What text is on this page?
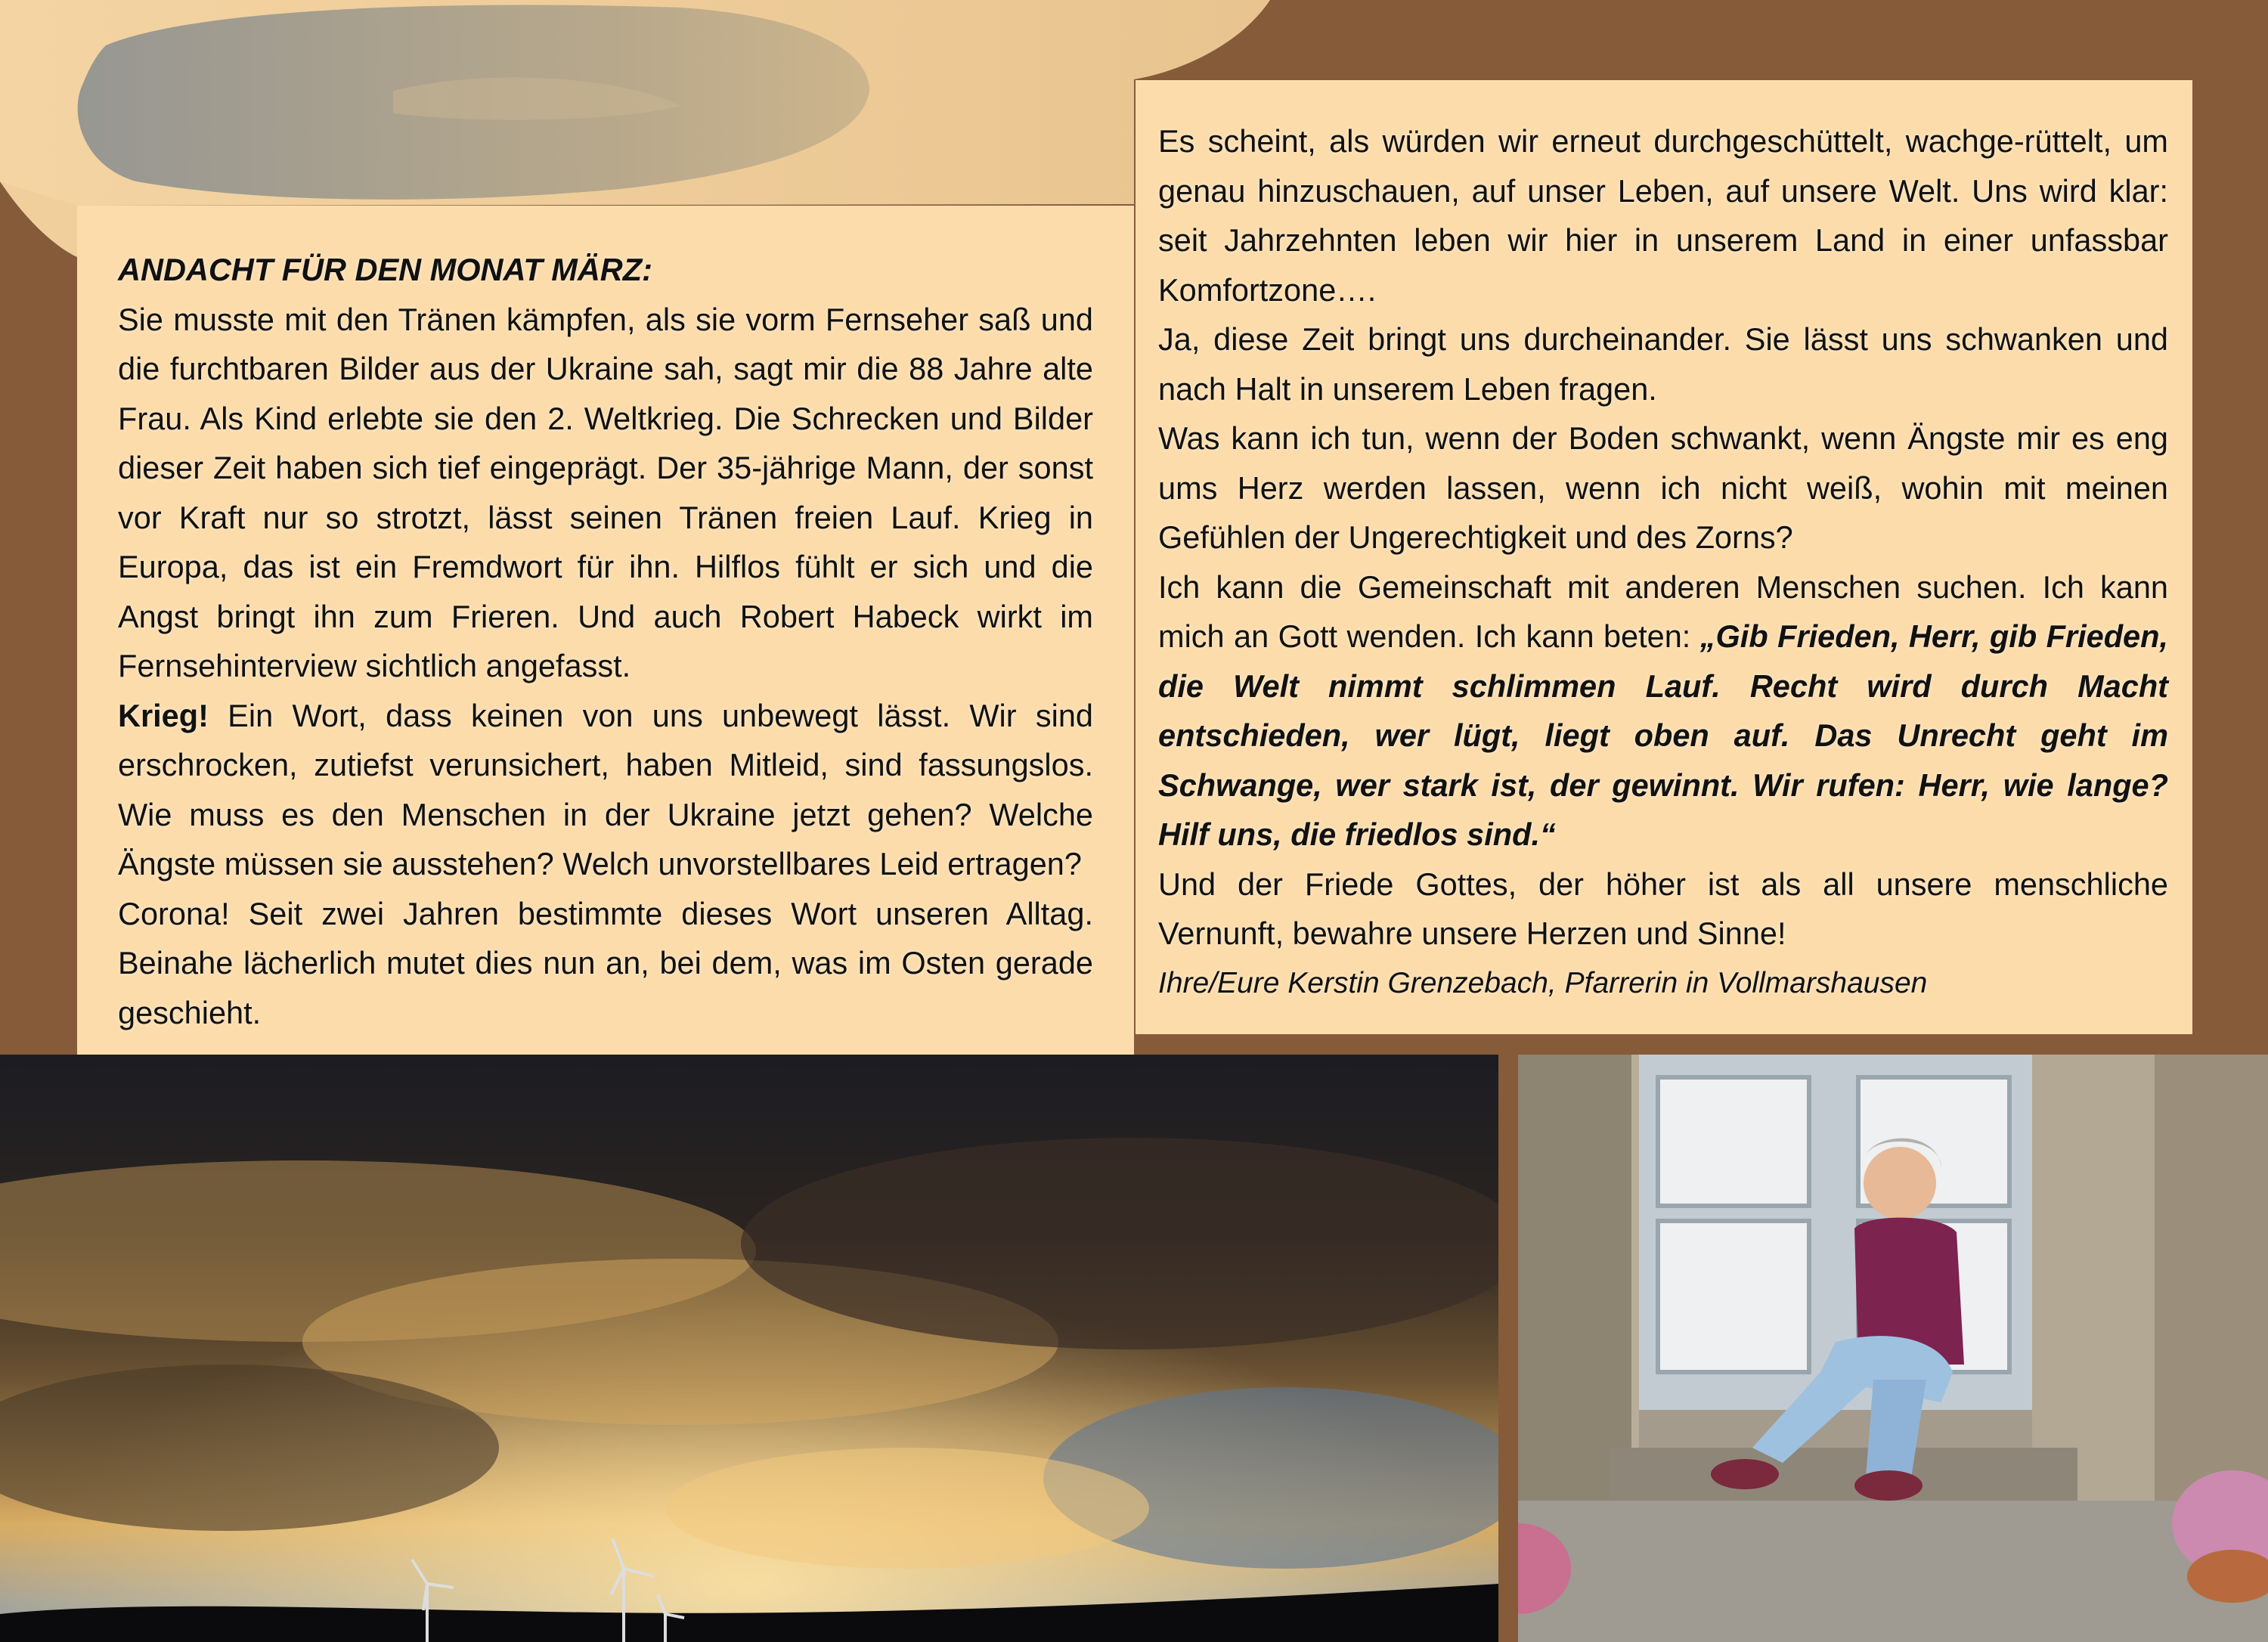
ANDACHT FÜR DEN MONAT MÄRZ:

Sie musste mit den Tränen kämpfen, als sie vorm Fernseher saß und die furchtbaren Bilder aus der Ukraine sah, sagt mir die 88 Jahre alte Frau. Als Kind erlebte sie den 2. Weltkrieg. Die Schrecken und Bilder dieser Zeit haben sich tief eingeprägt. Der 35-jährige Mann, der sonst vor Kraft nur so strotzt, lässt seinen Tränen freien Lauf. Krieg in Europa, das ist ein Fremdwort für ihn. Hilflos fühlt er sich und die Angst bringt ihn zum Frieren. Und auch Robert Habeck wirkt im Fernsehinterview sichtlich angefasst.

Krieg! Ein Wort, dass keinen von uns unbewegt lässt. Wir sind erschrocken, zutiefst verunsichert, haben Mitleid, sind fassungslos. Wie muss es den Menschen in der Ukraine jetzt gehen? Welche Ängste müssen sie ausstehen? Welch unvorstellbares Leid ertragen?

Corona! Seit zwei Jahren bestimmte dieses Wort unseren Alltag. Beinahe lächerlich mutet dies nun an, bei dem, was im Osten gerade geschieht.

Es scheint, als würden wir erneut durchgeschüttelt, wachge-rüttelt, um genau hinzuschauen, auf unser Leben, auf unsere Welt. Uns wird klar: seit Jahrzehnten leben wir hier in unserem Land in einer unfassbar Komfortzone….

Ja, diese Zeit bringt uns durcheinander. Sie lässt uns schwanken und nach Halt in unserem Leben fragen.

Was kann ich tun, wenn der Boden schwankt, wenn Ängste mir es eng ums Herz werden lassen, wenn ich nicht weiß, wohin mit meinen Gefühlen der Ungerechtigkeit und des Zorns?

Ich kann die Gemeinschaft mit anderen Menschen suchen. Ich kann mich an Gott wenden. Ich kann beten: „Gib Frieden, Herr, gib Frieden, die Welt nimmt schlimmen Lauf. Recht wird durch Macht entschieden, wer lügt, liegt oben auf. Das Unrecht geht im Schwange, wer stark ist, der gewinnt. Wir rufen: Herr, wie lange? Hilf uns, die friedlos sind.“

Und der Friede Gottes, der höher ist als all unsere menschliche Vernunft, bewahre unsere Herzen und Sinne!

Ihre/Eure Kerstin Grenzebach, Pfarrerin in Vollmarshausen
